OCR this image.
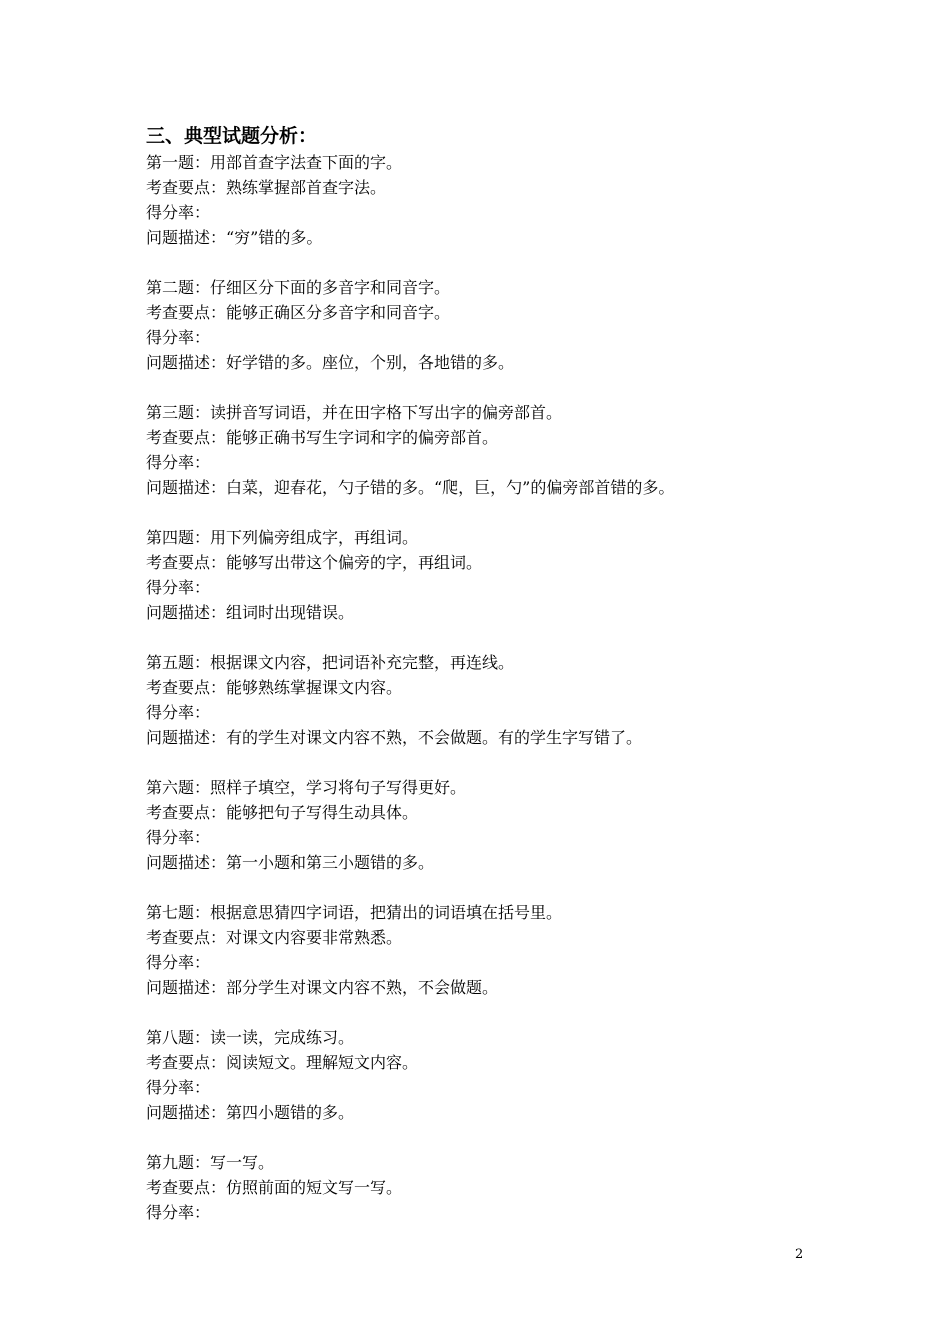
三、典型试题分析：
第一题：用部首查字法查下面的字。
考查要点：熟练掌握部首查字法。
得分率：
问题描述：“穷”错的多。
第二题：仔细区分下面的多音字和同音字。
考查要点：能够正确区分多音字和同音字。
得分率：
问题描述：好学错的多。座位，个别，各地错的多。
第三题：读拼音写词语，并在田字格下写出字的偏旁部首。
考查要点：能够正确书写生字词和字的偏旁部首。
得分率：
问题描述：白菜，迎春花，勺子错的多。“爬，巨，勺”的偏旁部首错的多。
第四题：用下列偏旁组成字，再组词。
考查要点：能够写出带这个偏旁的字，再组词。
得分率：
问题描述：组词时出现错误。
第五题：根据课文内容，把词语补充完整，再连线。
考查要点：能够熟练掌握课文内容。
得分率：
问题描述：有的学生对课文内容不熟，不会做题。有的学生字写错了。
第六题：照样子填空，学习将句子写得更好。
考查要点：能够把句子写得生动具体。
得分率：
问题描述：第一小题和第三小题错的多。
第七题：根据意思猜四字词语，把猜出的词语填在括号里。
考查要点：对课文内容要非常熟悉。
得分率：
问题描述：部分学生对课文内容不熟，不会做题。
第八题：读一读，完成练习。
考查要点：阅读短文。理解短文内容。
得分率：
问题描述：第四小题错的多。
第九题：写一写。
考查要点：仿照前面的短文写一写。
得分率：
2
